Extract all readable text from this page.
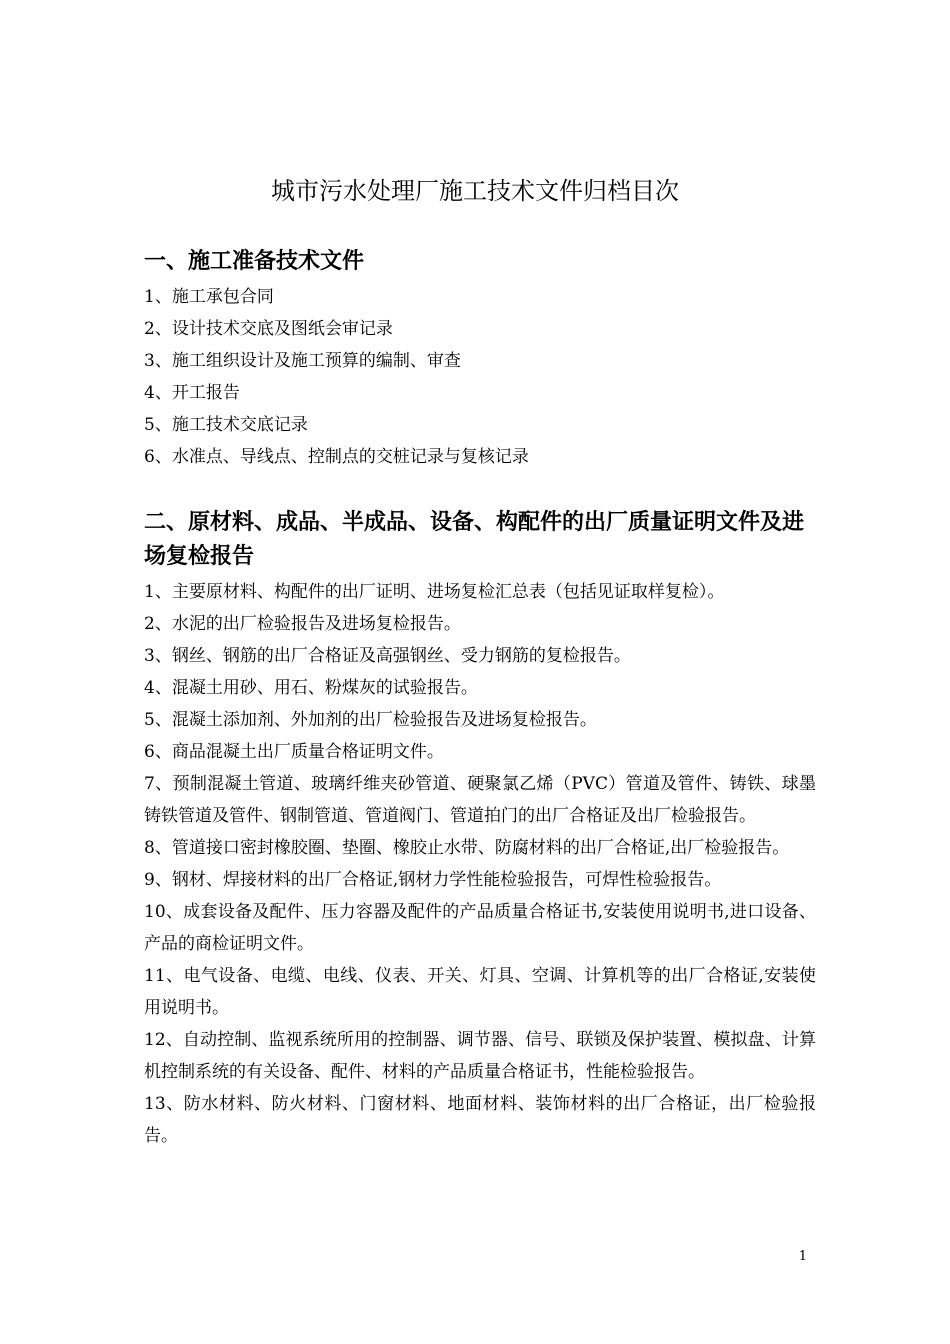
城市污水处理厂施工技术文件归档目次
一、施工准备技术文件
1、施工承包合同
2、设计技术交底及图纸会审记录
3、施工组织设计及施工预算的编制、审查
4、开工报告
5、施工技术交底记录
6、水准点、导线点、控制点的交桩记录与复核记录
二、原材料、成品、半成品、设备、构配件的出厂质量证明文件及进场复检报告
1、主要原材料、构配件的出厂证明、进场复检汇总表（包括见证取样复检）。
2、水泥的出厂检验报告及进场复检报告。
3、钢丝、钢筋的出厂合格证及高强钢丝、受力钢筋的复检报告。
4、混凝土用砂、用石、粉煤灰的试验报告。
5、混凝土添加剂、外加剂的出厂检验报告及进场复检报告。
6、商品混凝土出厂质量合格证明文件。
7、预制混凝土管道、玻璃纤维夹砂管道、硬聚氯乙烯（PVC）管道及管件、铸铁、球墨铸铁管道及管件、钢制管道、管道阀门、管道拍门的出厂合格证及出厂检验报告。
8、管道接口密封橡胶圈、垫圈、橡胶止水带、防腐材料的出厂合格证,出厂检验报告。
9、钢材、焊接材料的出厂合格证,钢材力学性能检验报告，可焊性检验报告。
10、成套设备及配件、压力容器及配件的产品质量合格证书,安装使用说明书,进口设备、产品的商检证明文件。
11、电气设备、电缆、电线、仪表、开关、灯具、空调、计算机等的出厂合格证,安装使用说明书。
12、自动控制、监视系统所用的控制器、调节器、信号、联锁及保护装置、模拟盘、计算机控制系统的有关设备、配件、材料的产品质量合格证书，性能检验报告。
13、防水材料、防火材料、门窗材料、地面材料、装饰材料的出厂合格证，出厂检验报告。
1
